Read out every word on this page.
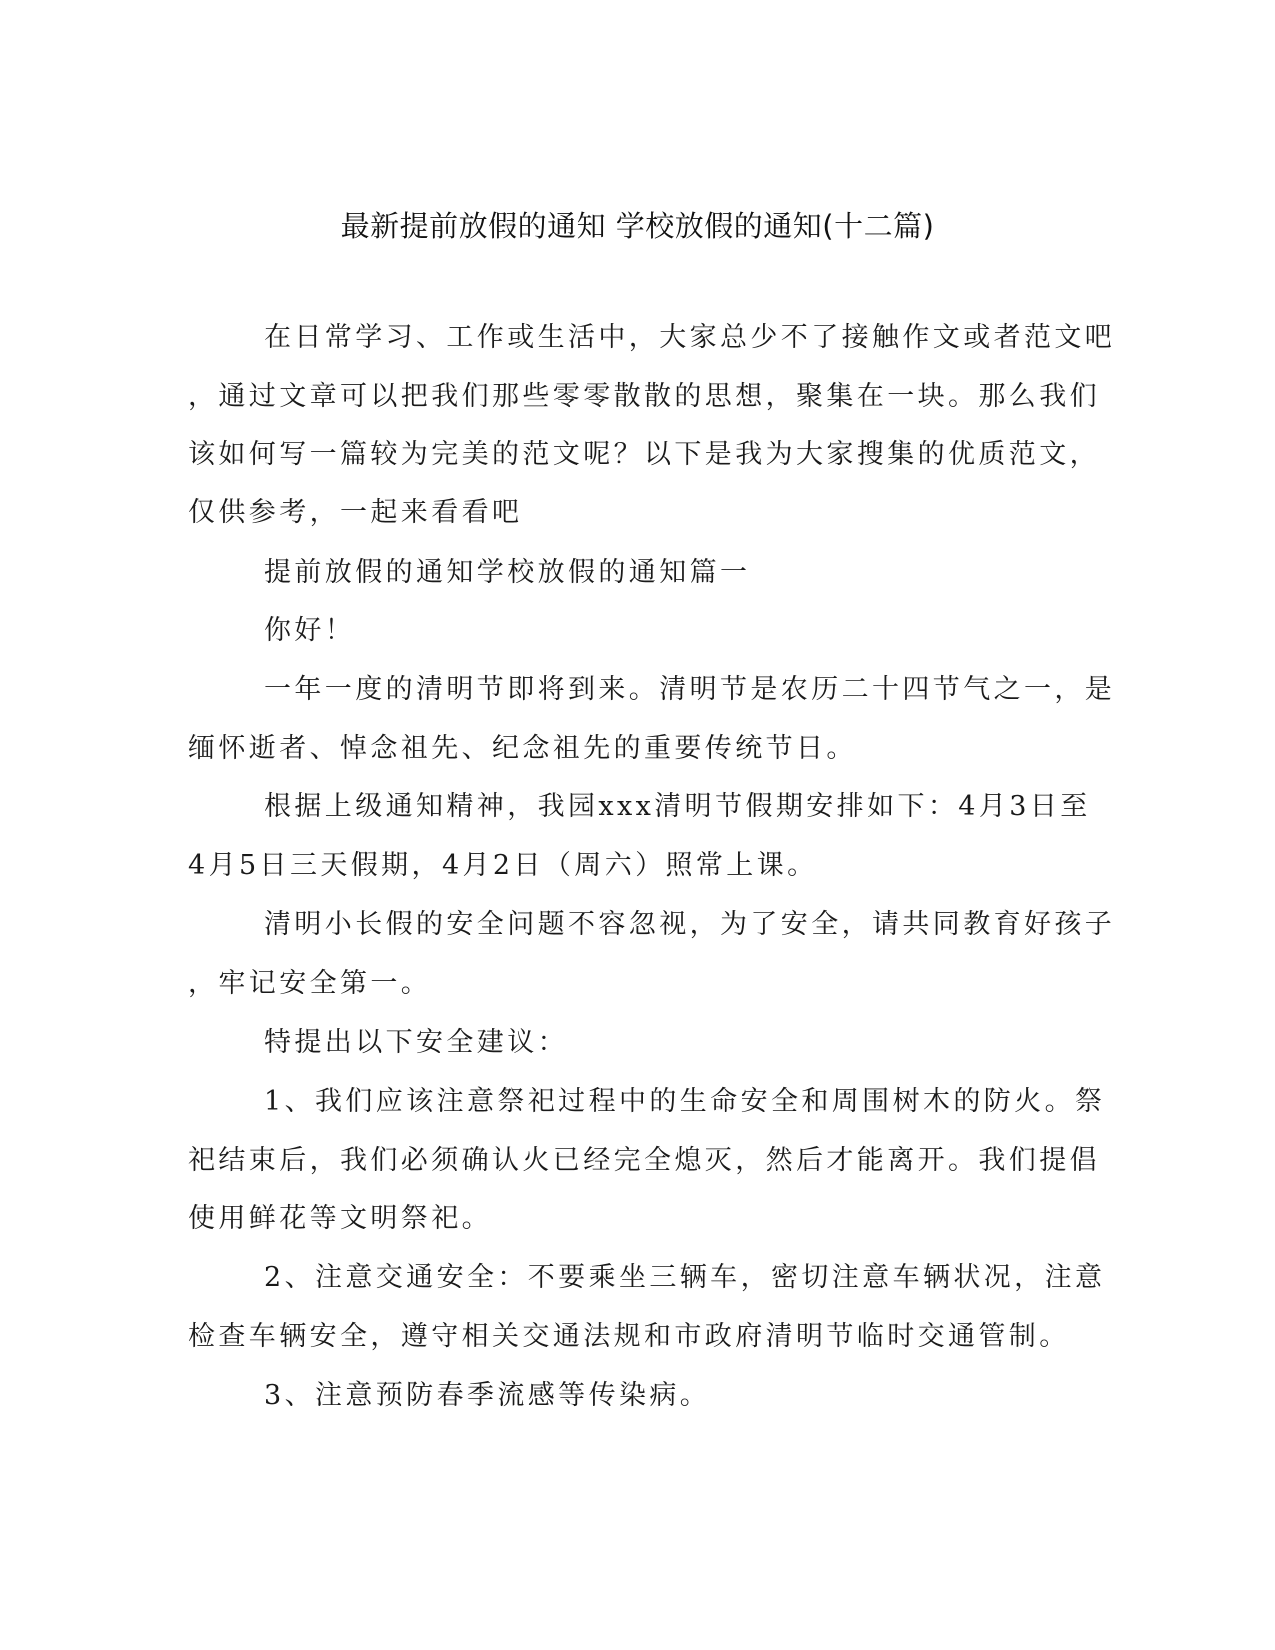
最新提前放假的通知 学校放假的通知(十二篇)
在日常学习、工作或生活中，大家总少不了接触作文或者范文吧
，通过文章可以把我们那些零零散散的思想，聚集在一块。那么我们
该如何写一篇较为完美的范文呢？以下是我为大家搜集的优质范文，
仅供参考，一起来看看吧
提前放假的通知学校放假的通知篇一
你好！
一年一度的清明节即将到来。清明节是农历二十四节气之一，是
缅怀逝者、悼念祖先、纪念祖先的重要传统节日。
根据上级通知精神，我园xxx清明节假期安排如下：4月3日至
4月5日三天假期，4月2日（周六）照常上课。
清明小长假的安全问题不容忽视，为了安全，请共同教育好孩子
，牢记安全第一。
特提出以下安全建议：
1、我们应该注意祭祀过程中的生命安全和周围树木的防火。祭
祀结束后，我们必须确认火已经完全熄灭，然后才能离开。我们提倡
使用鲜花等文明祭祀。
2、注意交通安全：不要乘坐三辆车，密切注意车辆状况，注意
检查车辆安全，遵守相关交通法规和市政府清明节临时交通管制。
3、注意预防春季流感等传染病。
